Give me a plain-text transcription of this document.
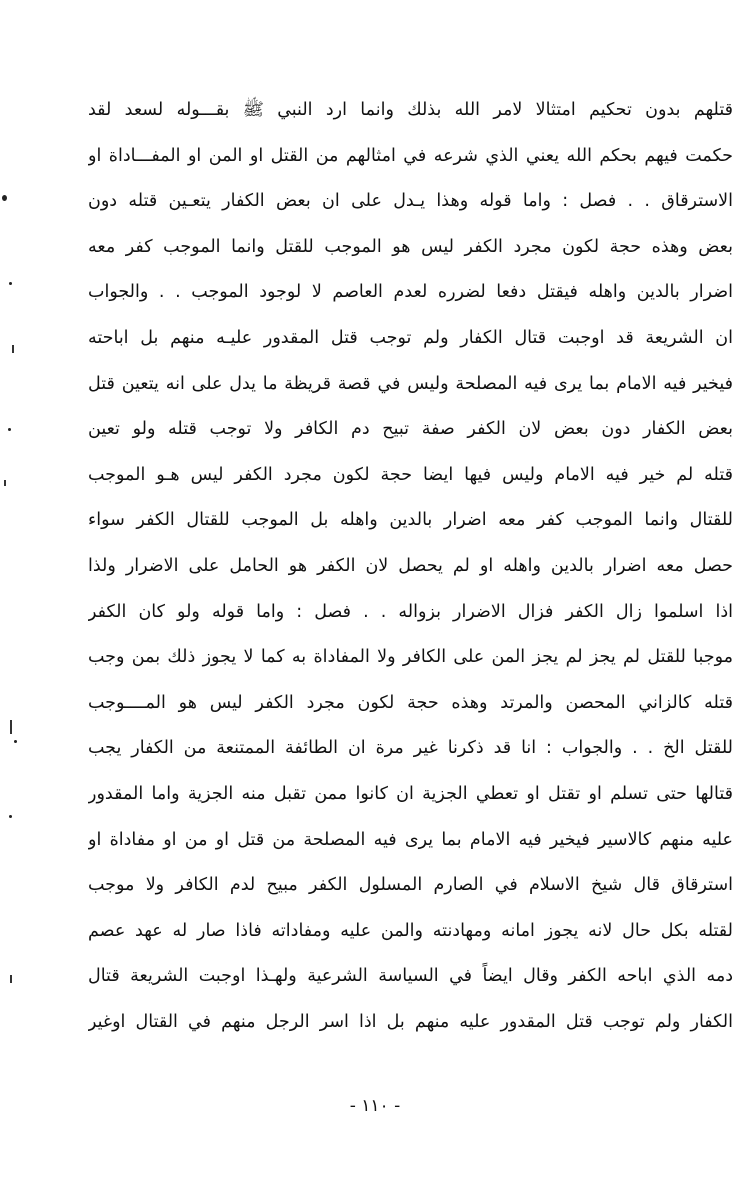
قتلهم بدون تحكيم امتثالا لامر الله بذلك وانما ارد النبي ﷺ بقـــوله لسعد لقد
حكمت فيهم بحكم الله يعني الذي شرعه في امثالهم من القتل او المن او المفـــاداة او
الاسترقاق . . فصل : واما قوله وهذا يـدل على ان بعض الكفار يتعـين قتله دون
بعض وهذه حجة لكون مجرد الكفر ليس هو الموجب للقتل وانما الموجب كفر معه
اضرار بالدين واهله فيقتل دفعا لضرره لعدم العاصم لا لوجود الموجب . . والجواب
ان الشريعة قد اوجبت قتال الكفار ولم توجب قتل المقدور عليـه منهم بل اباحته
فيخير فيه الامام بما يرى فيه المصلحة وليس في قصة قريظة ما يدل على انه يتعين قتل
بعض الكفار دون بعض لان الكفر صفة تبيح دم الكافر ولا توجب قتله ولو تعين
قتله لم خير فيه الامام وليس فيها ايضا حجة لكون مجرد الكفر ليس هـو الموجب
للقتال وانما الموجب كفر معه اضرار بالدين واهله بل الموجب للقتال الكفر سواء
حصل معه اضرار بالدين واهله او لم يحصل لان الكفر هو الحامل على الاضرار ولذا
اذا اسلموا زال الكفر فزال الاضرار بزواله . . فصل : واما قوله ولو كان الكفر
موجبا للقتل لم يجز لم يجز المن على الكافر ولا المفاداة به كما لا يجوز ذلك بمن وجب
قتله كالزاني المحصن والمرتد وهذه حجة لكون مجرد الكفر ليس هو المــــوجب
للقتل الخ . . والجواب : انا قد ذكرنا غير مرة ان الطائفة الممتنعة من الكفار يجب
قتالها حتى تسلم او تقتل او تعطي الجزية ان كانوا ممن تقبل منه الجزية واما المقدور
عليه منهم كالاسير فيخير فيه الامام بما يرى فيه المصلحة من قتل او من او مفاداة او
استرقاق قال شيخ الاسلام في الصارم المسلول الكفر مبيح لدم الكافر ولا موجب
لقتله بكل حال لانه يجوز امانه ومهادنته والمن عليه ومفاداته فاذا صار له عهد عصم
دمه الذي اباحه الكفر وقال ايضاً في السياسة الشرعية ولهـذا اوجبت الشريعة قتال
الكفار ولم توجب قتل المقدور عليه منهم بل اذا اسر الرجل منهم في القتال اوغير
- ١١٠ -
